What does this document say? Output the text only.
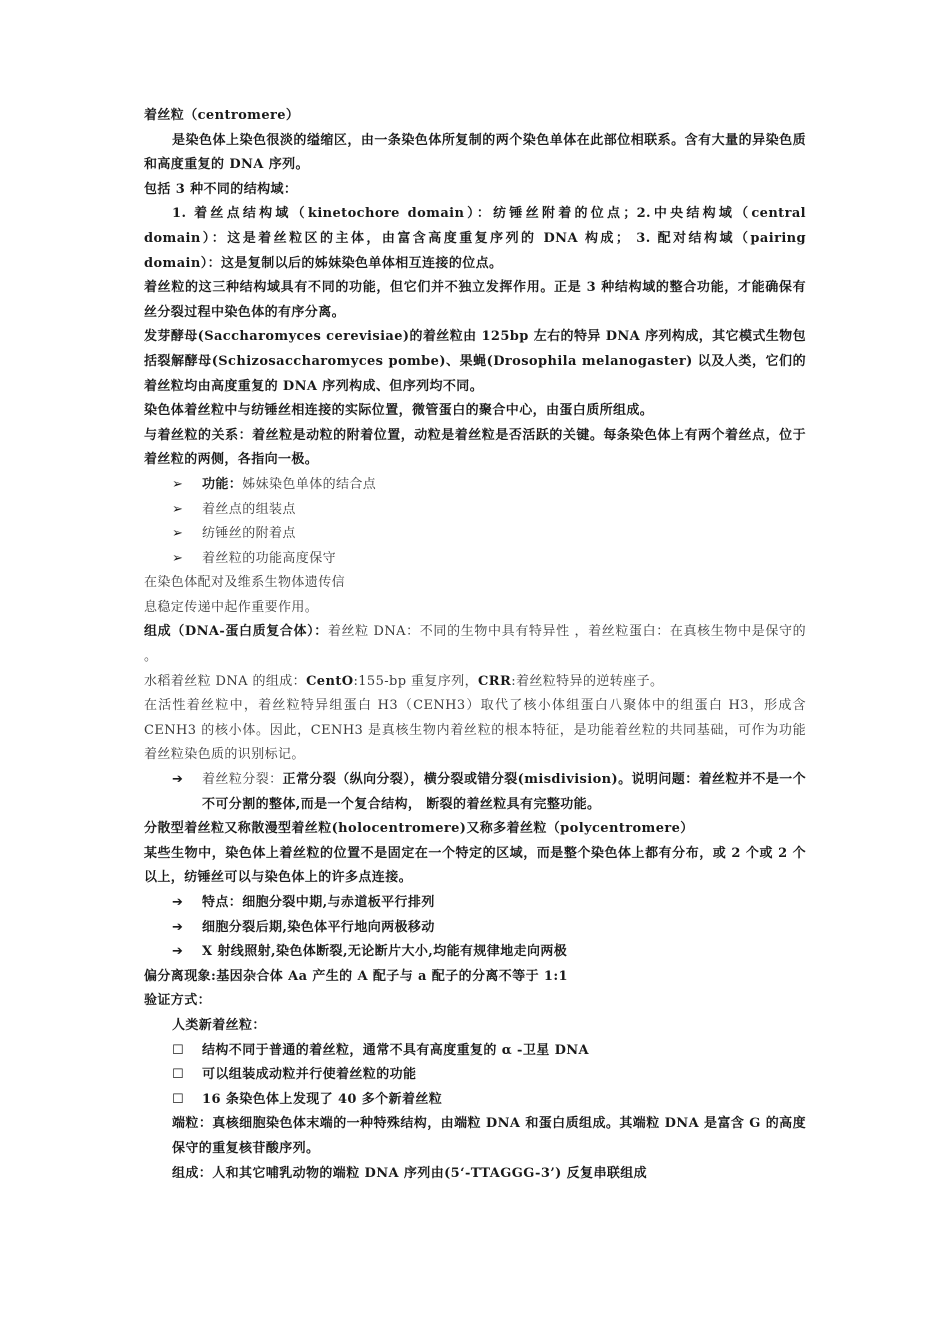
着丝粒（centromere）

是染色体上染色很淡的缢缩区，由一条染色体所复制的两个染色单体在此部位相联系。含有大量的异染色质和高度重复的 DNA 序列。

包括 3 种不同的结构域：

1. 着丝点结构域（kinetochore domain）：纺锤丝附着的位点；2.中央结构域（central domain）：这是着丝粒区的主体，由富含高度重复序列的 DNA 构成； 3. 配对结构域（pairing domain）：这是复制以后的姊妹染色单体相互连接的位点。

着丝粒的这三种结构域具有不同的功能，但它们并不独立发挥作用。正是 3 种结构域的整合功能，才能确保有丝分裂过程中染色体的有序分离。

发芽酵母(Saccharomyces cerevisiae)的着丝粒由 125bp 左右的特异 DNA 序列构成，其它模式生物包括裂解酵母(Schizosaccharomyces pombe)、果蝇(Drosophila melanogaster) 以及人类，它们的着丝粒均由高度重复的 DNA 序列构成、但序列均不同。

染色体着丝粒中与纺锤丝相连接的实际位置，微管蛋白的聚合中心，由蛋白质所组成。

与着丝粒的关系：着丝粒是动粒的附着位置，动粒是着丝粒是否活跃的关键。每条染色体上有两个着丝点，位于着丝粒的两侧，各指向一极。

➢	功能：姊妹染色单体的结合点
➢	着丝点的组装点
➢	纺锤丝的附着点
➢	着丝粒的功能高度保守

在染色体配对及维系生物体遗传信

息稳定传递中起作重要作用。

组成（DNA-蛋白质复合体）：着丝粒 DNA：不同的生物中具有特异性 ，着丝粒蛋白：在真核生物中是保守的 。

水稻着丝粒 DNA 的组成：CentO:155-bp 重复序列，CRR:着丝粒特异的逆转座子。

在活性着丝粒中，着丝粒特异组蛋白 H3（CENH3）取代了核小体组蛋白八聚体中的组蛋白 H3，形成含 CENH3 的核小体。因此，CENH3 是真核生物内着丝粒的根本特征，是功能着丝粒的共同基础，可作为功能着丝粒染色质的识别标记。

➔	着丝粒分裂：正常分裂（纵向分裂），横分裂或错分裂(misdivision)。说明问题：着丝粒并不是一个不可分割的整体,而是一个复合结构， 断裂的着丝粒具有完整功能。

分散型着丝粒又称散漫型着丝粒(holocentromere)又称多着丝粒（polycentromere）

某些生物中，染色体上着丝粒的位置不是固定在一个特定的区域，而是整个染色体上都有分布，或 2 个或 2 个以上，纺锤丝可以与染色体上的许多点连接。

➔	特点：细胞分裂中期,与赤道板平行排列
➔	细胞分裂后期,染色体平行地向两极移动
➔	X 射线照射,染色体断裂,无论断片大小,均能有规律地走向两极

偏分离现象:基因杂合体 Aa 产生的 A 配子与 a 配子的分离不等于 1:1

验证方式：

人类新着丝粒：

☐	结构不同于普通的着丝粒，通常不具有高度重复的 α -卫星 DNA
☐	可以组装成动粒并行使着丝粒的功能
☐	16 条染色体上发现了 40 多个新着丝粒

端粒：真核细胞染色体末端的一种特殊结构，由端粒 DNA 和蛋白质组成。其端粒 DNA 是富含 G 的高度保守的重复核苷酸序列。

组成：人和其它哺乳动物的端粒 DNA 序列由(5‘-TTAGGG-3’) 反复串联组成
